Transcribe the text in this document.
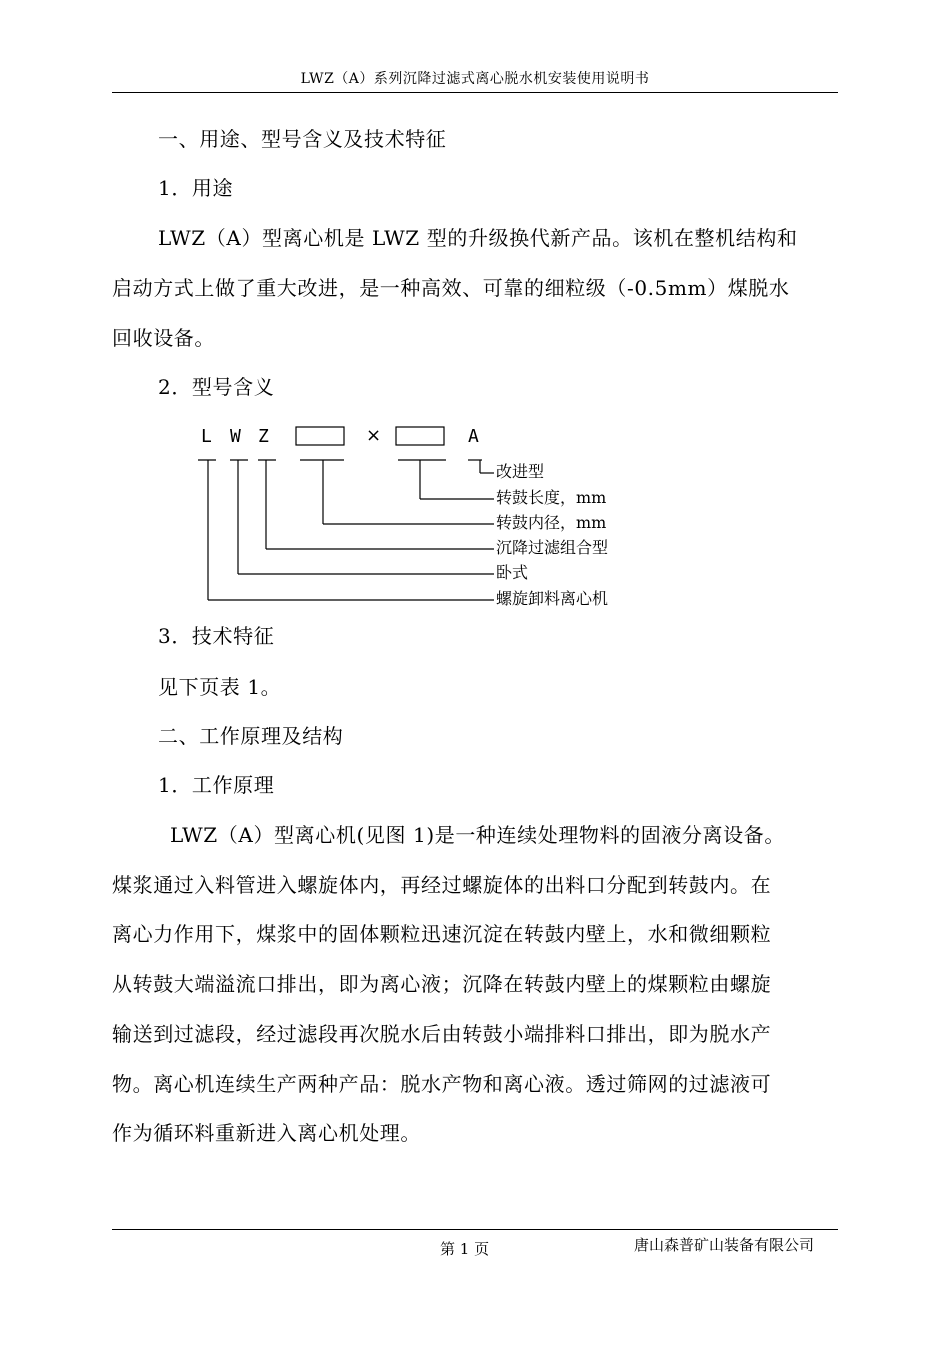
LWZ（A）系列沉降过滤式离心脱水机安装使用说明书
一、用途、型号含义及技术特征
1．用途
LWZ（A）型离心机是 LWZ 型的升级换代新产品。该机在整机结构和
启动方式上做了重大改进，是一种高效、可靠的细粒级（-0.5mm）煤脱水
回收设备。
2．型号含义
L W Z	×	A
改进型
转鼓长度，mm
转鼓内径，mm
沉降过滤组合型
卧式
螺旋卸料离心机
3．技术特征
见下页表 1。
二、工作原理及结构
1．工作原理
LWZ（A）型离心机(见图 1)是一种连续处理物料的固液分离设备。
煤浆通过入料管进入螺旋体内，再经过螺旋体的出料口分配到转鼓内。在
离心力作用下，煤浆中的固体颗粒迅速沉淀在转鼓内壁上，水和微细颗粒
从转鼓大端溢流口排出，即为离心液；沉降在转鼓内壁上的煤颗粒由螺旋
输送到过滤段，经过滤段再次脱水后由转鼓小端排料口排出，即为脱水产
物。离心机连续生产两种产品：脱水产物和离心液。透过筛网的过滤液可
作为循环料重新进入离心机处理。
第 1 页	唐山森普矿山装备有限公司
